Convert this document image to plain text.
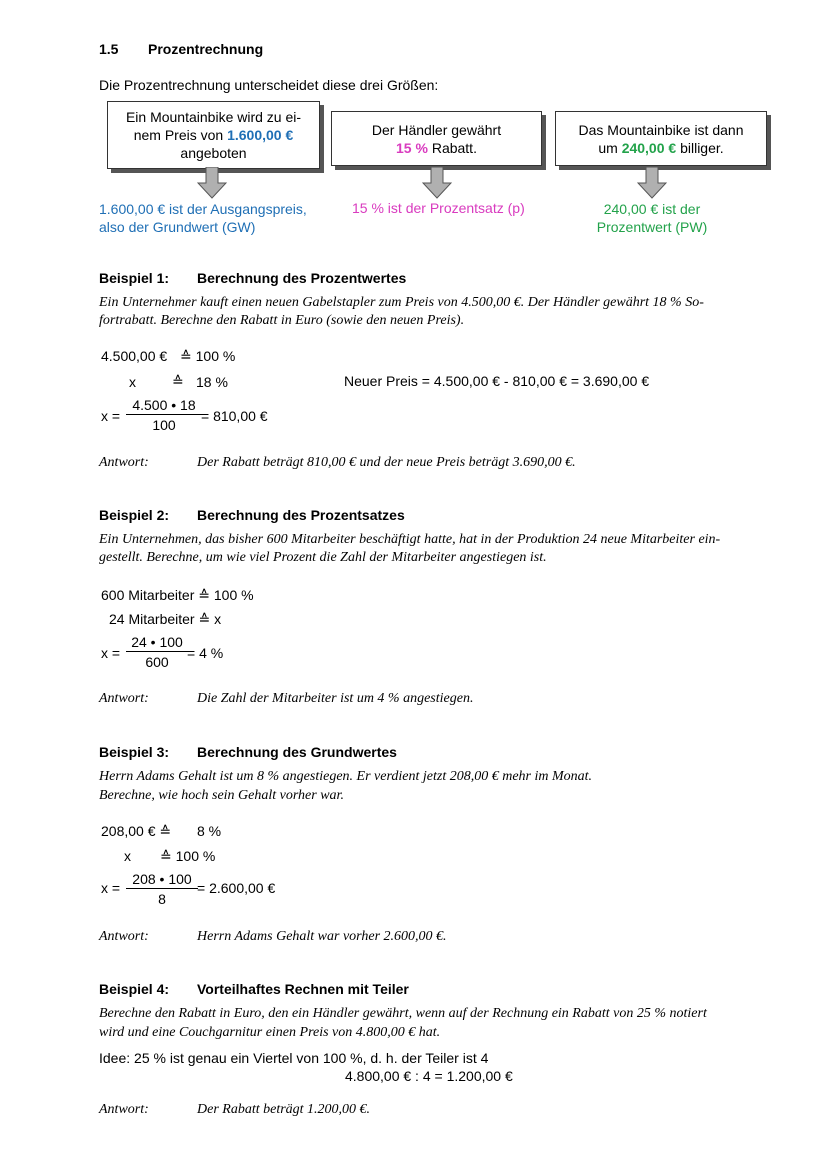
1.5 Prozentrechnung
Die Prozentrechnung unterscheidet diese drei Größen:
Ein Mountainbike wird zu ei-
nem Preis von 1.600,00 €
angeboten
Der Händler gewährt
15 % Rabatt.
Das Mountainbike ist dann
um 240,00 € billiger.
1.600,00 € ist der Ausgangspreis,
also der Grundwert (GW)
15 % ist der Prozentsatz (p)	240,00 € ist der
Prozentwert (PW)
Beispiel 1: Berechnung des Prozentwertes
Ein Unternehmer kauft einen neuen Gabelstapler zum Preis von 4.500,00 €. Der Händler gewährt 18 % So-
fortrabatt. Berechne den Rabatt in Euro (sowie den neuen Preis).
4.500,00 € ≙ 100 %
x	≙ 18 %	Neuer Preis = 4.500,00 € - 810,00 € = 3.690,00 €
$x = \frac{4.500 • 18}{100} = 810,00$ €
Antwort:	Der Rabatt beträgt 810,00 € und der neue Preis beträgt 3.690,00 €.
Beispiel 2: Berechnung des Prozentsatzes
Ein Unternehmen, das bisher 600 Mitarbeiter beschäftigt hatte, hat in der Produktion 24 neue Mitarbeiter ein-
gestellt. Berechne, um wie viel Prozent die Zahl der Mitarbeiter angestiegen ist.
600 Mitarbeiter ≙ 100 %
24 Mitarbeiter ≙ x
$x = \frac{24 • 100}{600} = 4$ %
Antwort:	Die Zahl der Mitarbeiter ist um 4 % angestiegen.
Beispiel 3: Berechnung des Grundwertes
Herrn Adams Gehalt ist um 8 % angestiegen. Er verdient jetzt 208,00 € mehr im Monat.
Berechne, wie hoch sein Gehalt vorher war.
208,00 € ≙ 8 %
x ≙ 100 %
$x = \frac{208 • 100}{8} = 2.600,00$ €
Antwort:	Herrn Adams Gehalt war vorher 2.600,00 €.
Beispiel 4: Vorteilhaftes Rechnen mit Teiler
Berechne den Rabatt in Euro, den ein Händler gewährt, wenn auf der Rechnung ein Rabatt von 25 % notiert
wird und eine Couchgarnitur einen Preis von 4.800,00 € hat.
Idee: 25 % ist genau ein Viertel von 100 %, d. h. der Teiler ist 4
4.800,00 € : 4 = 1.200,00 €
Antwort:	Der Rabatt beträgt 1.200,00 €.
